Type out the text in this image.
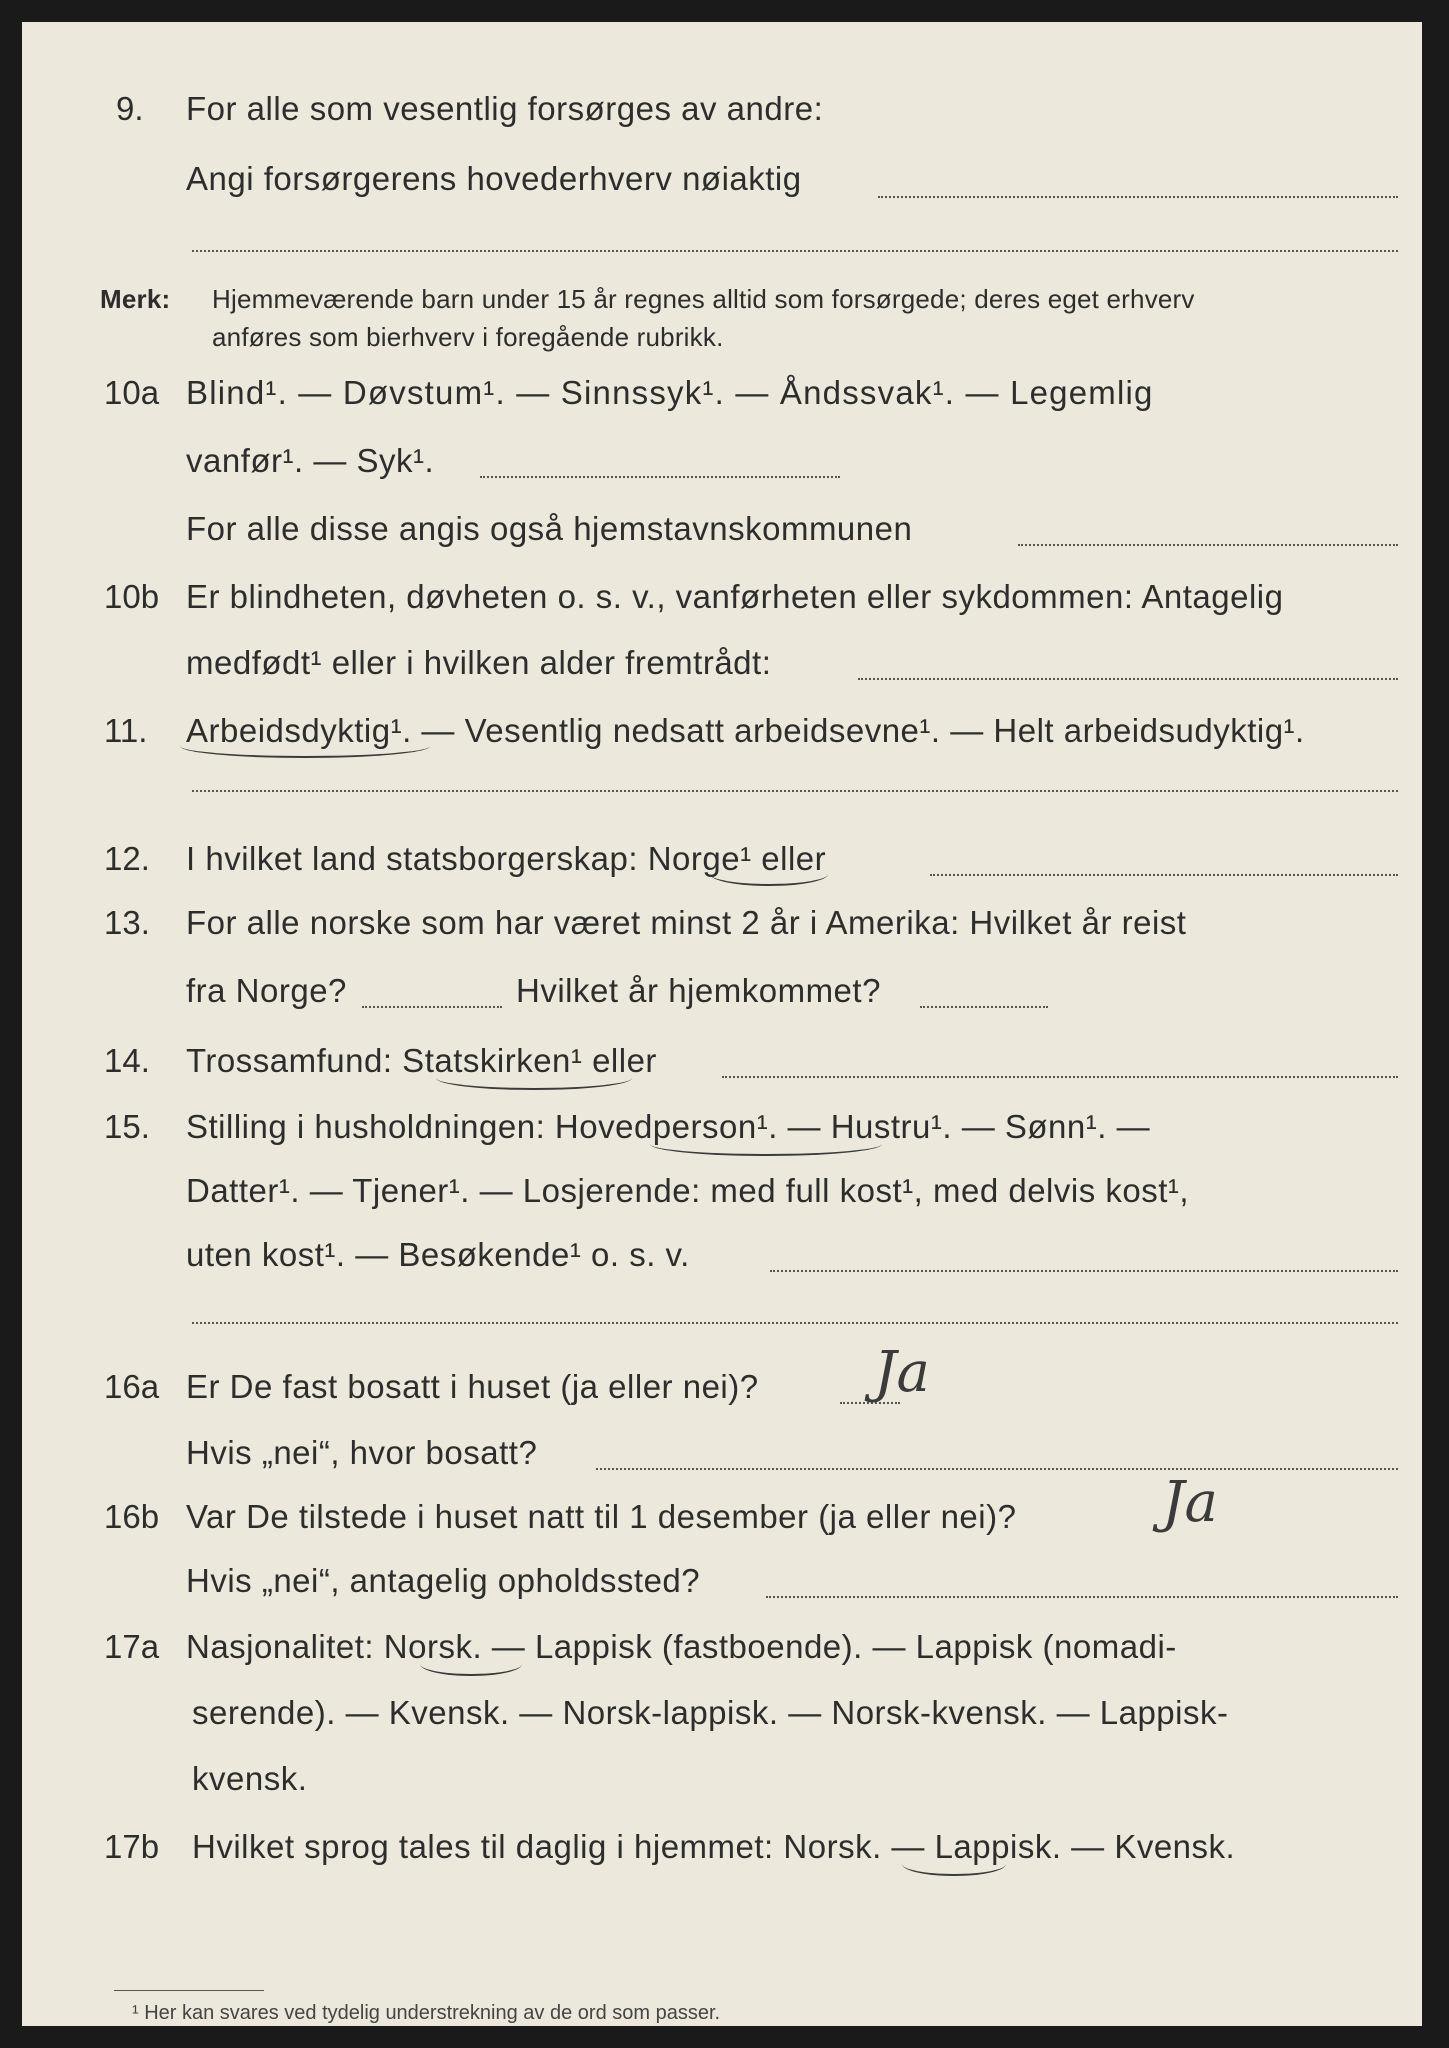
9. For alle som vesentlig forsørges av andre:
Angi forsørgerens hovederhverv nøiaktig
Merk: Hjemmeværende barn under 15 år regnes alltid som forsørgede; deres eget erhverv
anføres som bierhverv i foregående rubrikk.
10a Blind¹. — Døvstum¹. — Sinnssyk¹. — Åndssvak¹. — Legemlig
vanfør¹. — Syk¹.
For alle disse angis også hjemstavnskommunen
10b Er blindheten, døvheten o. s. v., vanførheten eller sykdommen: Antagelig
medfødt¹ eller i hvilken alder fremtrådt:
11. Arbeidsdyktig¹. — Vesentlig nedsatt arbeidsevne¹. — Helt arbeidsudyktig¹.
12. I hvilket land statsborgerskap: Norge¹ eller
13. For alle norske som har været minst 2 år i Amerika: Hvilket år reist
fra Norge?	Hvilket år hjemkommet?
14. Trossamfund: Statskirken¹ eller
15. Stilling i husholdningen: Hovedperson¹. — Hustru¹. — Sønn¹. —
Datter¹. — Tjener¹. — Losjerende: med full kost¹, med delvis kost¹,
uten kost¹. — Besøkende¹ o. s. v.
16a Er De fast bosatt i huset (ja eller nei)? Ja
Hvis „nei“, hvor bosatt?
16b Var De tilstede i huset natt til 1 desember (ja eller nei)?	Ja
Hvis „nei“, antagelig opholdssted?
17a Nasjonalitet: Norsk. — Lappisk (fastboende). — Lappisk (nomadi-
serende). — Kvensk. — Norsk-lappisk. — Norsk-kvensk. — Lappisk-
kvensk.
17b Hvilket sprog tales til daglig i hjemmet: Norsk. — Lappisk. — Kvensk.
¹ Her kan svares ved tydelig understrekning av de ord som passer.
